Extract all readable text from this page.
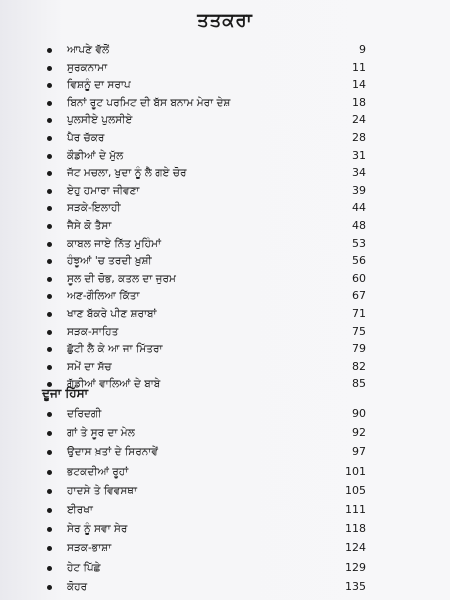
ਤਤਕਰਾ
ਆਪਣੇ ਵੱਲੋਂ	9
ਸੁਰਕਨਾਮਾ	11
ਵਿਸ਼ਨੂੰ ਦਾ ਸਰਾਪ	14
ਬਿਨਾਂ ਰੂਟ ਪਰਮਿਟ ਦੀ ਬੱਸ ਬਨਾਮ ਮੇਰਾ ਦੇਸ਼	18
ਪੁਲਸੀਏ ਪੁਲਸੀਏ	24
ਪੈਰ ਚੱਕਰ	28
ਕੌਡੀਆਂ ਦੇ ਮੁੱਲ	31
ਜੱਟ ਮਚਲਾ, ਖੁਦਾ ਨੂੰ ਲੈ ਗਏ ਚੋਰ	34
ਏਹੁ ਹਮਾਰਾ ਜੀਵਣਾ	39
ਸੜਕੇ-ਇਲਾਹੀ	44
ਜੈਸੇ ਕੋ ਤੈਸਾ	48
ਕਾਬਲ ਜਾਏ ਨਿੱਤ ਮੁਹਿੰਮਾਂ	53
ਹੰਝੂਆਂ 'ਚ ਤਰਦੀ ਖ਼ੁਸ਼ੀ	56
ਸੂਲ ਦੀ ਚੋਭ, ਕਤਲ ਦਾ ਜੁਰਮ	60
ਅਣ-ਗੌਲਿਆ ਕਿੱਤਾ	67
ਖਾਣ ਬੱਕਰੇ ਪੀਣ ਸ਼ਰਾਬਾਂ	71
ਸੜਕ-ਸਾਹਿਤ	75
ਛੁੱਟੀ ਲੈ ਕੇ ਆ ਜਾ ਮਿੱਤਰਾ	79
ਸਮੇਂ ਦਾ ਸੱਚ	82
ਗੱਡੀਆਂ ਵਾਲਿਆਂ ਦੇ ਬਾਬੇ	85
ਦੂਜਾ ਹਿੱਸਾ
ਦਰਿਦਗੀ	90
ਗਾਂ ਤੇ ਸੂਰ ਦਾ ਮੇਲ	92
ਉਦਾਸ ਖ਼ਤਾਂ ਦੇ ਸਿਰਨਾਵੇਂ	97
ਭਟਕਦੀਆਂ ਰੂਹਾਂ	101
ਹਾਦਸੇ ਤੇ ਵਿਵਸਥਾ	105
ਈਰਖਾ	111
ਸੇਰ ਨੂੰ ਸਵਾ ਸੇਰ	118
ਸੜਕ-ਭਾਸ਼ਾ	124
ਹੇਟ ਪਿੱਛੇ	129
ਕੋਹਰ	135
